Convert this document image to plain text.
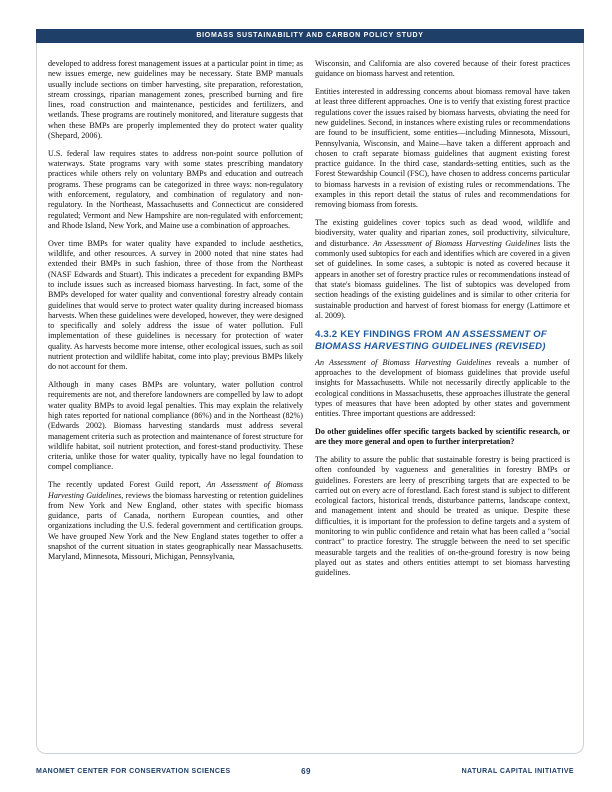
BIOMASS SUSTAINABILITY AND CARBON POLICY STUDY

developed to address forest management issues at a particular point in time; as new issues emerge, new guidelines may be necessary. State BMP manuals usually include sections on timber harvesting, site preparation, reforestation, stream crossings, riparian management zones, prescribed burning and fire lines, road construction and maintenance, pesticides and fertilizers, and wetlands. These programs are routinely monitored, and literature suggests that when these BMPs are properly implemented they do protect water quality (Shepard, 2006).

U.S. federal law requires states to address non-point source pollution of waterways. State programs vary with some states prescribing mandatory practices while others rely on voluntary BMPs and education and outreach programs. These programs can be categorized in three ways: non-regulatory with enforcement, regulatory, and combination of regulatory and non-regulatory. In the Northeast, Massachusetts and Connecticut are considered regulated; Vermont and New Hampshire are non-regulated with enforcement; and Rhode Island, New York, and Maine use a combination of approaches.

Over time BMPs for water quality have expanded to include aesthetics, wildlife, and other resources. A survey in 2000 noted that nine states had extended their BMPs in such fashion, three of those from the Northeast (NASF Edwards and Stuart). This indicates a precedent for expanding BMPs to include issues such as increased biomass harvesting. In fact, some of the BMPs developed for water quality and conventional forestry already contain guidelines that would serve to protect water quality during increased biomass harvests. When these guidelines were developed, however, they were designed to specifically and solely address the issue of water pollution. Full implementation of these guidelines is necessary for protection of water quality. As harvests become more intense, other ecological issues, such as soil nutrient protection and wildlife habitat, come into play; previous BMPs likely do not account for them.

Although in many cases BMPs are voluntary, water pollution control requirements are not, and therefore landowners are compelled by law to adopt water quality BMPs to avoid legal penalties. This may explain the relatively high rates reported for national compliance (86%) and in the Northeast (82%) (Edwards 2002). Biomass harvesting standards must address several management criteria such as protection and maintenance of forest structure for wildlife habitat, soil nutrient protection, and forest-stand productivity. These criteria, unlike those for water quality, typically have no legal foundation to compel compliance.

The recently updated Forest Guild report, An Assessment of Biomass Harvesting Guidelines, reviews the biomass harvesting or retention guidelines from New York and New England, other states with specific biomass guidance, parts of Canada, northern European counties, and other organizations including the U.S. federal government and certification groups. We have grouped New York and the New England states together to offer a snapshot of the current situation in states geographically near Massachusetts. Maryland, Minnesota, Missouri, Michigan, Pennsylvania,

Wisconsin, and California are also covered because of their forest practices guidance on biomass harvest and retention.

Entities interested in addressing concerns about biomass removal have taken at least three different approaches. One is to verify that existing forest practice regulations cover the issues raised by biomass harvests, obviating the need for new guidelines. Second, in instances where existing rules or recommendations are found to be insufficient, some entities—including Minnesota, Missouri, Pennsylvania, Wisconsin, and Maine—have taken a different approach and chosen to craft separate biomass guidelines that augment existing forest practice guidance. In the third case, standards-setting entities, such as the Forest Stewardship Council (FSC), have chosen to address concerns particular to biomass harvests in a revision of existing rules or recommendations. The examples in this report detail the status of rules and recommendations for removing biomass from forests.

The existing guidelines cover topics such as dead wood, wildlife and biodiversity, water quality and riparian zones, soil productivity, silviculture, and disturbance. An Assessment of Biomass Harvesting Guidelines lists the commonly used subtopics for each and identifies which are covered in a given set of guidelines. In some cases, a subtopic is noted as covered because it appears in another set of forestry practice rules or recommendations instead of that state's biomass guidelines. The list of subtopics was developed from section headings of the existing guidelines and is similar to other criteria for sustainable production and harvest of forest biomass for energy (Lattimore et al. 2009).

4.3.2 KEY FINDINGS FROM AN ASSESSMENT OF BIOMASS HARVESTING GUIDELINES (REVISED)

An Assessment of Biomass Harvesting Guidelines reveals a number of approaches to the development of biomass guidelines that provide useful insights for Massachusetts. While not necessarily directly applicable to the ecological conditions in Massachusetts, these approaches illustrate the general types of measures that have been adopted by other states and government entities. Three important questions are addressed:

Do other guidelines offer specific targets backed by scientific research, or are they more general and open to further interpretation?

The ability to assure the public that sustainable forestry is being practiced is often confounded by vagueness and generalities in forestry BMPs or guidelines. Foresters are leery of prescribing targets that are expected to be carried out on every acre of forestland. Each forest stand is subject to different ecological factors, historical trends, disturbance patterns, landscape context, and management intent and should be treated as unique. Despite these difficulties, it is important for the profession to define targets and a system of monitoring to win public confidence and retain what has been called a "social contract" to practice forestry. The struggle between the need to set specific measurable targets and the realities of on-the-ground forestry is now being played out as states and others entities attempt to set biomass harvesting guidelines.

MANOMET CENTER FOR CONSERVATION SCIENCES	69	NATURAL CAPITAL INITIATIVE
